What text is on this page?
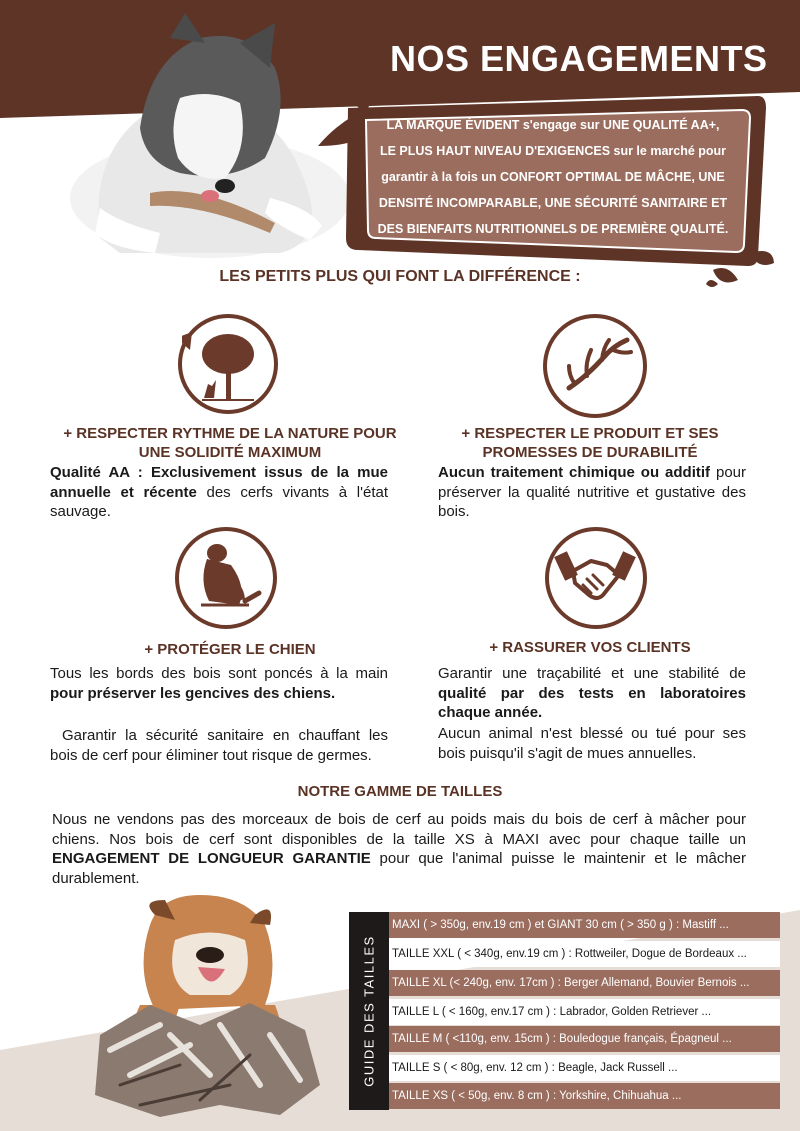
NOS ENGAGEMENTS
LA MARQUE ÉVIDENT s'engage sur UNE QUALITÉ AA+,
LE PLUS HAUT NIVEAU D'EXIGENCES sur le marché pour
garantir à la fois un CONFORT OPTIMAL DE MÂCHE, UNE
DENSITÉ INCOMPARABLE, UNE SÉCURITÉ SANITAIRE ET
DES BIENFAITS NUTRITIONNELS DE PREMIÈRE QUALITÉ.
LES PETITS PLUS QUI FONT LA DIFFÉRENCE :
+ RESPECTER RYTHME DE LA NATURE POUR
UNE SOLIDITÉ MAXIMUM
Qualité AA : Exclusivement issus de la mue annuelle et récente des cerfs vivants à l'état sauvage.
+ RESPECTER LE PRODUIT ET SES
PROMESSES DE DURABILITÉ
Aucun traitement chimique ou additif pour préserver la qualité nutritive et gustative des bois.
+ PROTÉGER LE CHIEN
Tous les bords des bois sont poncés à la main pour préserver les gencives des chiens.
Garantir la sécurité sanitaire en chauffant les bois de cerf pour éliminer tout risque de germes.
+ RASSURER VOS CLIENTS
Garantir une traçabilité et une stabilité de qualité par des tests en laboratoires chaque année.
Aucun animal n'est blessé ou tué pour ses bois puisqu'il s'agit de mues annuelles.
NOTRE GAMME DE TAILLES
Nous ne vendons pas des morceaux de bois de cerf au poids mais du bois de cerf à mâcher pour chiens. Nos bois de cerf sont disponibles de la taille XS à MAXI avec pour chaque taille un ENGAGEMENT DE LONGUEUR GARANTIE pour que l'animal puisse le maintenir et le mâcher durablement.
GUIDE DES TAILLES
MAXI ( > 350g, env.19 cm ) et GIANT 30 cm ( > 350 g ) : Mastiff ...
TAILLE XXL ( < 340g, env.19 cm ) : Rottweiler, Dogue de Bordeaux ...
TAILLE XL (< 240g, env. 17cm ) : Berger Allemand, Bouvier Bernois ...
TAILLE L ( < 160g, env.17 cm ) : Labrador, Golden Retriever ...
TAILLE M ( <110g, env. 15cm ) : Bouledogue français, Épagneul ...
TAILLE S ( < 80g, env. 12 cm ) : Beagle, Jack Russell ...
TAILLE XS ( < 50g, env. 8 cm ) : Yorkshire, Chihuahua ...
